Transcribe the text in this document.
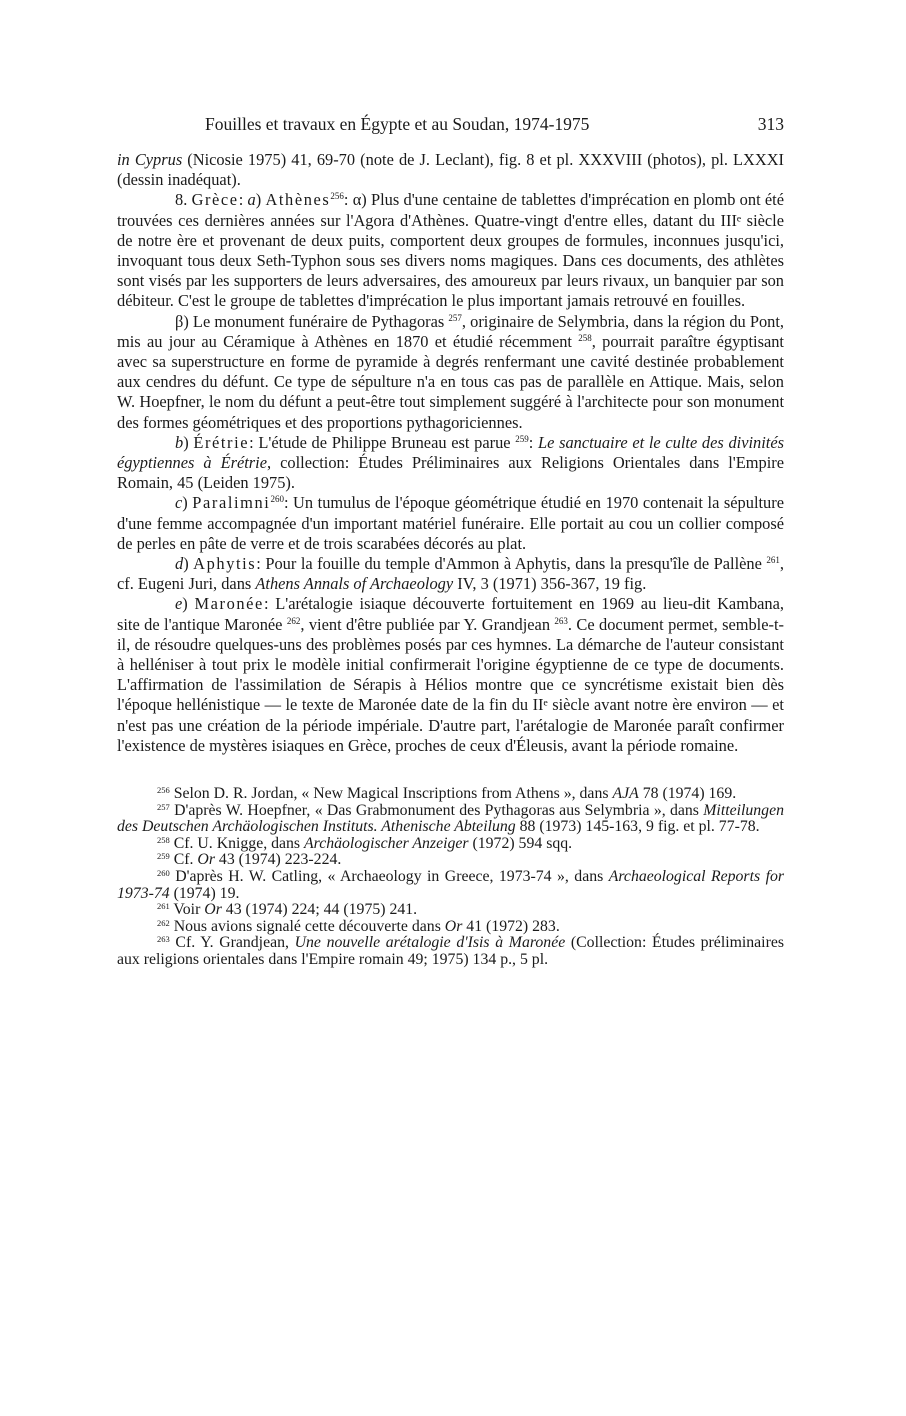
Fouilles et travaux en Égypte et au Soudan, 1974-1975	313

in Cyprus (Nicosie 1975) 41, 69-70 (note de J. Leclant), fig. 8 et pl. XXXVIII (photos), pl. LXXXI (dessin inadéquat).

8. Grèce: a) Athènes$^{256}$: α) Plus d'une centaine de tablettes d'imprécation en plomb ont été trouvées ces dernières années sur l'Agora d'Athènes. Quatre-vingt d'entre elles, datant du IIIᵉ siècle de notre ère et provenant de deux puits, comportent deux groupes de formules, inconnues jusqu'ici, invoquant tous deux Seth-Typhon sous ses divers noms magiques. Dans ces documents, des athlètes sont visés par les supporters de leurs adversaires, des amoureux par leurs rivaux, un banquier par son débiteur. C'est le groupe de tablettes d'imprécation le plus important jamais retrouvé en fouilles.

β) Le monument funéraire de Pythagoras $^{257}$, originaire de Selymbria, dans la région du Pont, mis au jour au Céramique à Athènes en 1870 et étudié récemment $^{258}$, pourrait paraître égyptisant avec sa superstructure en forme de pyramide à degrés renfermant une cavité destinée probablement aux cendres du défunt. Ce type de sépulture n'a en tous cas pas de parallèle en Attique. Mais, selon W. Hoepfner, le nom du défunt a peut-être tout simplement suggéré à l'architecte pour son monument des formes géométriques et des proportions pythagoriciennes.

b) Érétrie: L'étude de Philippe Bruneau est parue $^{259}$: Le sanctuaire et le culte des divinités égyptiennes à Érétrie, collection: Études Préliminaires aux Religions Orientales dans l'Empire Romain, 45 (Leiden 1975).

c) Paralimni$^{260}$: Un tumulus de l'époque géométrique étudié en 1970 contenait la sépulture d'une femme accompagnée d'un important matériel funéraire. Elle portait au cou un collier composé de perles en pâte de verre et de trois scarabées décorés au plat.

d) Aphytis: Pour la fouille du temple d'Ammon à Aphytis, dans la presqu'île de Pallène $^{261}$, cf. Eugeni Juri, dans Athens Annals of Archaeology IV, 3 (1971) 356-367, 19 fig.

e) Maronée: L'arétalogie isiaque découverte fortuitement en 1969 au lieu-dit Kambana, site de l'antique Maronée $^{262}$, vient d'être publiée par Y. Grandjean $^{263}$. Ce document permet, semble-t-il, de résoudre quelques-uns des problèmes posés par ces hymnes. La démarche de l'auteur consistant à helléniser à tout prix le modèle initial confirmerait l'origine égyptienne de ce type de documents. L'affirmation de l'assimilation de Sérapis à Hélios montre que ce syncrétisme existait bien dès l'époque hellénistique — le texte de Maronée date de la fin du IIᵉ siècle avant notre ère environ — et n'est pas une création de la période impériale. D'autre part, l'arétalogie de Maronée paraît confirmer l'existence de mystères isiaques en Grèce, proches de ceux d'Éleusis, avant la période romaine.

$^{256}$ Selon D. R. Jordan, « New Magical Inscriptions from Athens », dans AJA 78 (1974) 169.

$^{257}$ D'après W. Hoepfner, « Das Grabmonument des Pythagoras aus Selymbria », dans Mitteilungen des Deutschen Archäologischen Instituts. Athenische Abteilung 88 (1973) 145-163, 9 fig. et pl. 77-78.

$^{258}$ Cf. U. Knigge, dans Archäologischer Anzeiger (1972) 594 sqq.

$^{259}$ Cf. Or 43 (1974) 223-224.

$^{260}$ D'après H. W. Catling, « Archaeology in Greece, 1973-74 », dans Archaeological Reports for 1973-74 (1974) 19.

$^{261}$ Voir Or 43 (1974) 224; 44 (1975) 241.

$^{262}$ Nous avions signalé cette découverte dans Or 41 (1972) 283.

$^{263}$ Cf. Y. Grandjean, Une nouvelle arétalogie d'Isis à Maronée (Collection: Études préliminaires aux religions orientales dans l'Empire romain 49; 1975) 134 p., 5 pl.
